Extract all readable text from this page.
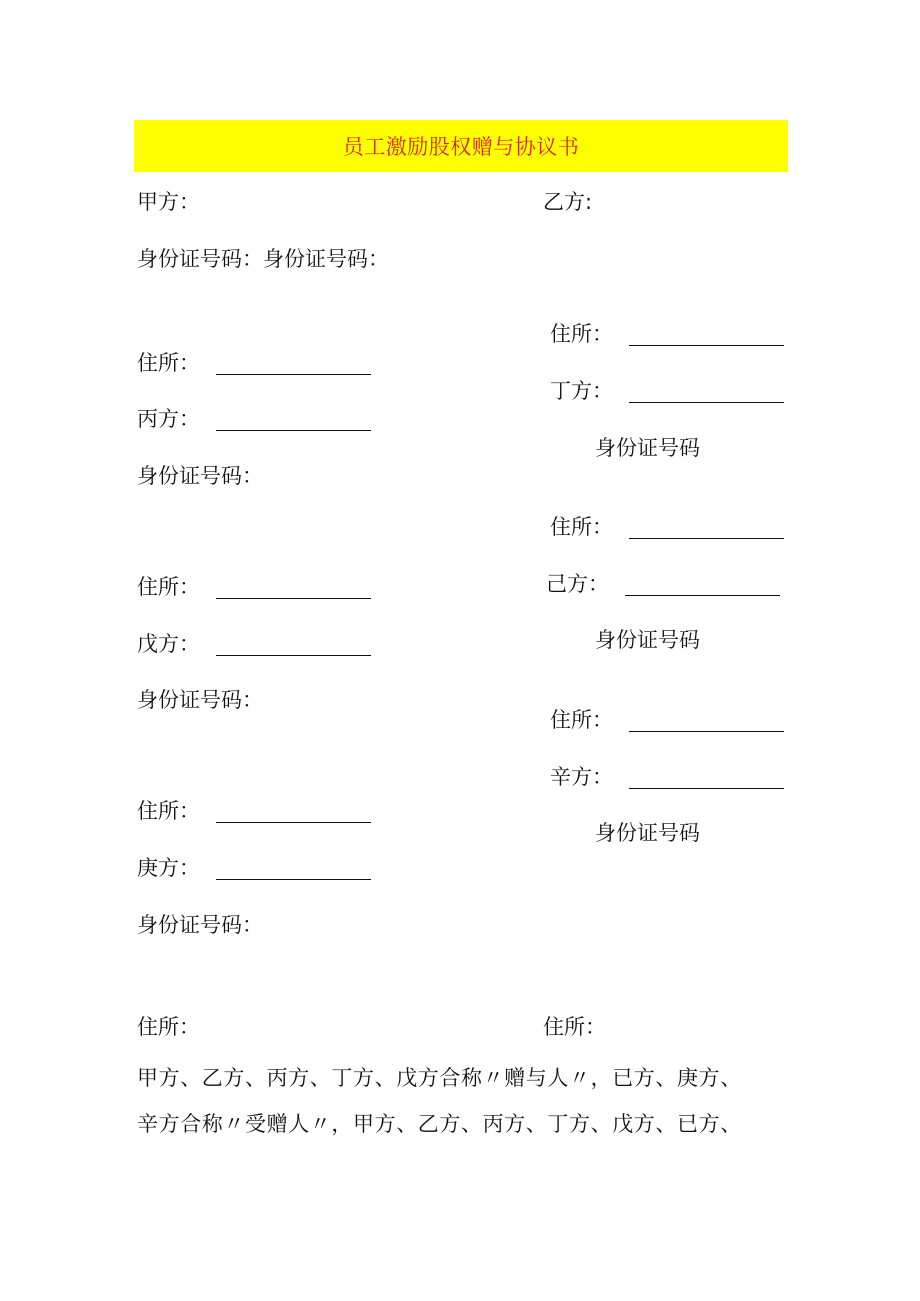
员工激励股权赠与协议书
甲方：
身份证号码：身份证号码：
住所：
丙方：
身份证号码：
住所：
戊方：
身份证号码：
住所：
庚方：
身份证号码：
住所：
乙方:
住所：
丁方：
身份证号码
住所：
己方：
身份证号码
住所：
辛方：
身份证号码
住所：
甲方、乙方、丙方、丁方、戊方合称〃赠与人〃，已方、庚方、
辛方合称〃受赠人〃，甲方、乙方、丙方、丁方、戊方、已方、
